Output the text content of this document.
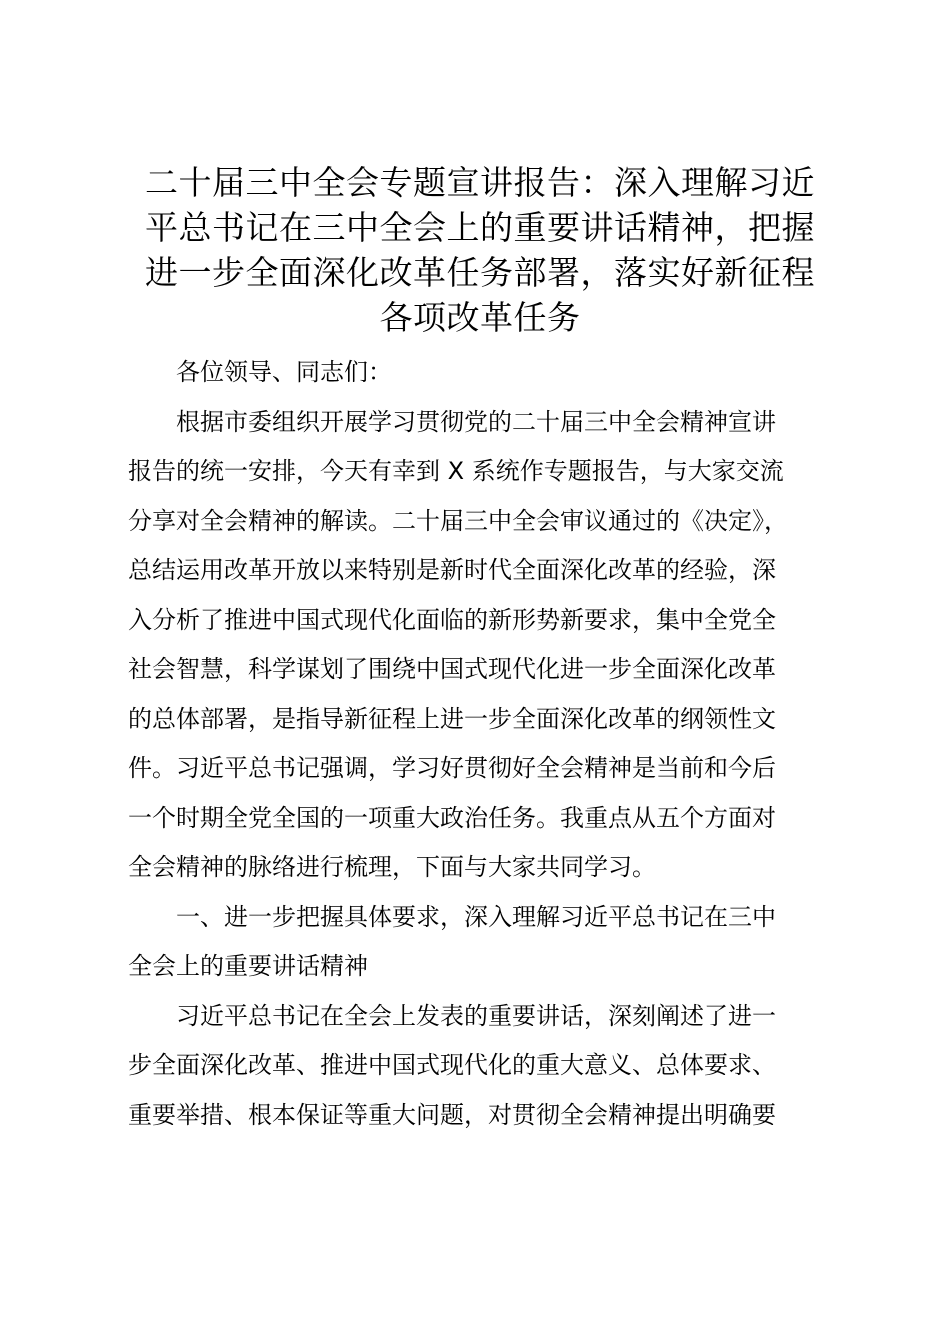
二十届三中全会专题宣讲报告：深入理解习近
平总书记在三中全会上的重要讲话精神，把握
进一步全面深化改革任务部署，落实好新征程
各项改革任务

各位领导、同志们：

根据市委组织开展学习贯彻党的二十届三中全会精神宣讲
报告的统一安排，今天有幸到 X 系统作专题报告，与大家交流
分享对全会精神的解读。二十届三中全会审议通过的《决定》，
总结运用改革开放以来特别是新时代全面深化改革的经验，深
入分析了推进中国式现代化面临的新形势新要求，集中全党全
社会智慧，科学谋划了围绕中国式现代化进一步全面深化改革
的总体部署，是指导新征程上进一步全面深化改革的纲领性文
件。习近平总书记强调，学习好贯彻好全会精神是当前和今后
一个时期全党全国的一项重大政治任务。我重点从五个方面对
全会精神的脉络进行梳理，下面与大家共同学习。

一、进一步把握具体要求，深入理解习近平总书记在三中
全会上的重要讲话精神

习近平总书记在全会上发表的重要讲话，深刻阐述了进一
步全面深化改革、推进中国式现代化的重大意义、总体要求、
重要举措、根本保证等重大问题，对贯彻全会精神提出明确要
